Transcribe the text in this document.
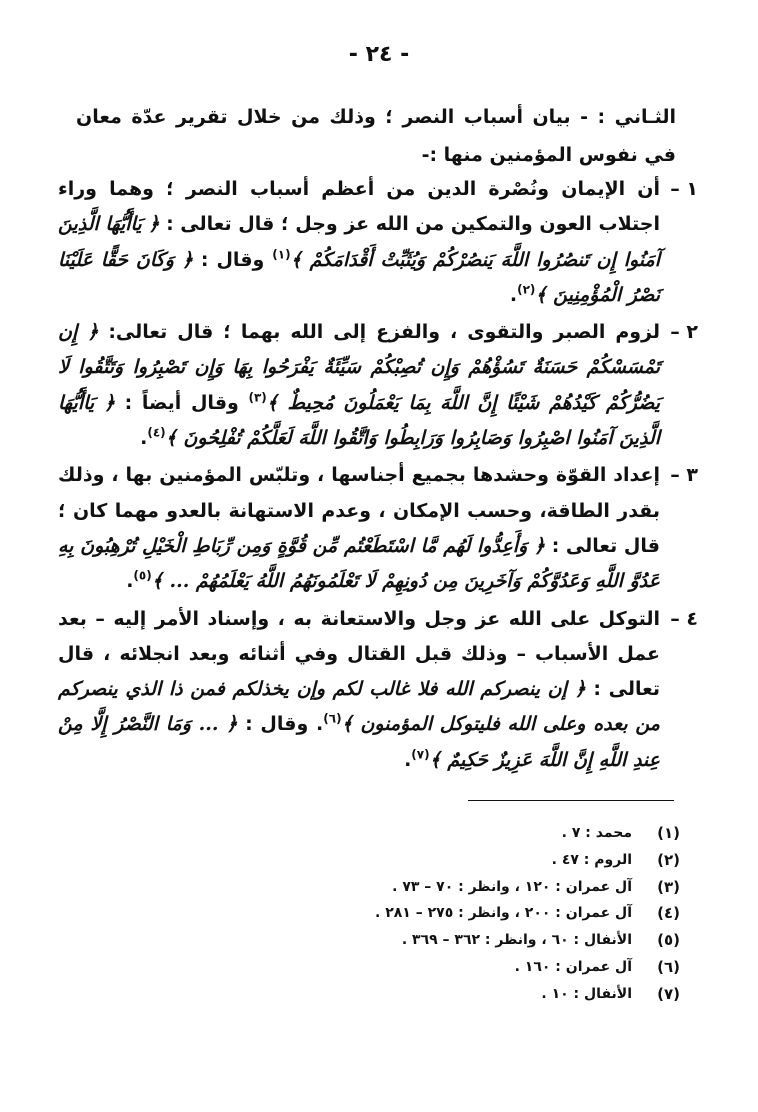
- ٢٤ -
الثـاني : - بيان أسباب النصر ؛ وذلك من خلال تقرير عدّة معان في نفوس المؤمنين منها :-
١ –
أن الإيمان ونُصْرة الدين من أعظم أسباب النصر ؛ وهما وراء اجتلاب العون والتمكين من الله عز وجل ؛ قال تعالى : ﴿ يَاأَيُّهَا الَّذِينَ آمَنُوا إِن تَنصُرُوا اللَّهَ يَنصُرْكُمْ وَيُثَبِّتْ أَقْدَامَكُمْ ﴾$^{(١)}$ وقال : ﴿ وَكَانَ حَقًّا عَلَيْنَا نَصْرُ الْمُؤْمِنِينَ ﴾$^{(٢)}$.
٢ –
لزوم الصبر والتقوى ، والفزع إلى الله بهما ؛ قال تعالى: ﴿ إِن تَمْسَسْكُمْ حَسَنَةٌ تَسُؤْهُمْ وَإِن تُصِبْكُمْ سَيِّئَةٌ يَفْرَحُوا بِهَا وَإِن تَصْبِرُوا وَتَتَّقُوا لَا يَضُرُّكُمْ كَيْدُهُمْ شَيْئًا إِنَّ اللَّهَ بِمَا يَعْمَلُونَ مُحِيطٌ ﴾$^{(٣)}$ وقال أيضاً : ﴿ يَاأَيُّهَا الَّذِينَ آمَنُوا اصْبِرُوا وَصَابِرُوا وَرَابِطُوا وَاتَّقُوا اللَّهَ لَعَلَّكُمْ تُفْلِحُونَ ﴾$^{(٤)}$.
٣ –
إعداد القوّة وحشدها بجميع أجناسها ، وتلبّس المؤمنين بها ، وذلك بقدر الطاقة، وحسب الإمكان ، وعدم الاستهانة بالعدو مهما كان ؛ قال تعالى : ﴿ وَأَعِدُّوا لَهُم مَّا اسْتَطَعْتُم مِّن قُوَّةٍ وَمِن رِّبَاطِ الْخَيْلِ تُرْهِبُونَ بِهِ عَدُوَّ اللَّهِ وَعَدُوَّكُمْ وَآخَرِينَ مِن دُونِهِمْ لَا تَعْلَمُونَهُمُ اللَّهُ يَعْلَمُهُمْ ... ﴾$^{(٥)}$.
٤ –
التوكل على الله عز وجل والاستعانة به ، وإسناد الأمر إليه – بعد عمل الأسباب – وذلك قبل القتال وفي أثنائه وبعد انجلائه ، قال تعالى : ﴿ إن ينصركم الله فلا غالب لكم وإن يخذلكم فمن ذا الذي ينصركم من بعده وعلى الله فليتوكل المؤمنون ﴾$^{(٦)}$. وقال : ﴿ ... وَمَا النَّصْرُ إِلَّا مِنْ عِندِ اللَّهِ إِنَّ اللَّهَ عَزِيزٌ حَكِيمٌ ﴾$^{(٧)}$.
(١)
محمد : ٧ .
(٢)
الروم : ٤٧ .
(٣)
آل عمران : ١٢٠ ، وانظر : ٧٠ – ٧٣ .
(٤)
آل عمران : ٢٠٠ ، وانظر : ٢٧٥ – ٢٨١ .
(٥)
الأنفال : ٦٠ ، وانظر : ٣٦٢ – ٣٦٩ .
(٦)
آل عمران : ١٦٠ .
(٧)
الأنفال : ١٠ .
